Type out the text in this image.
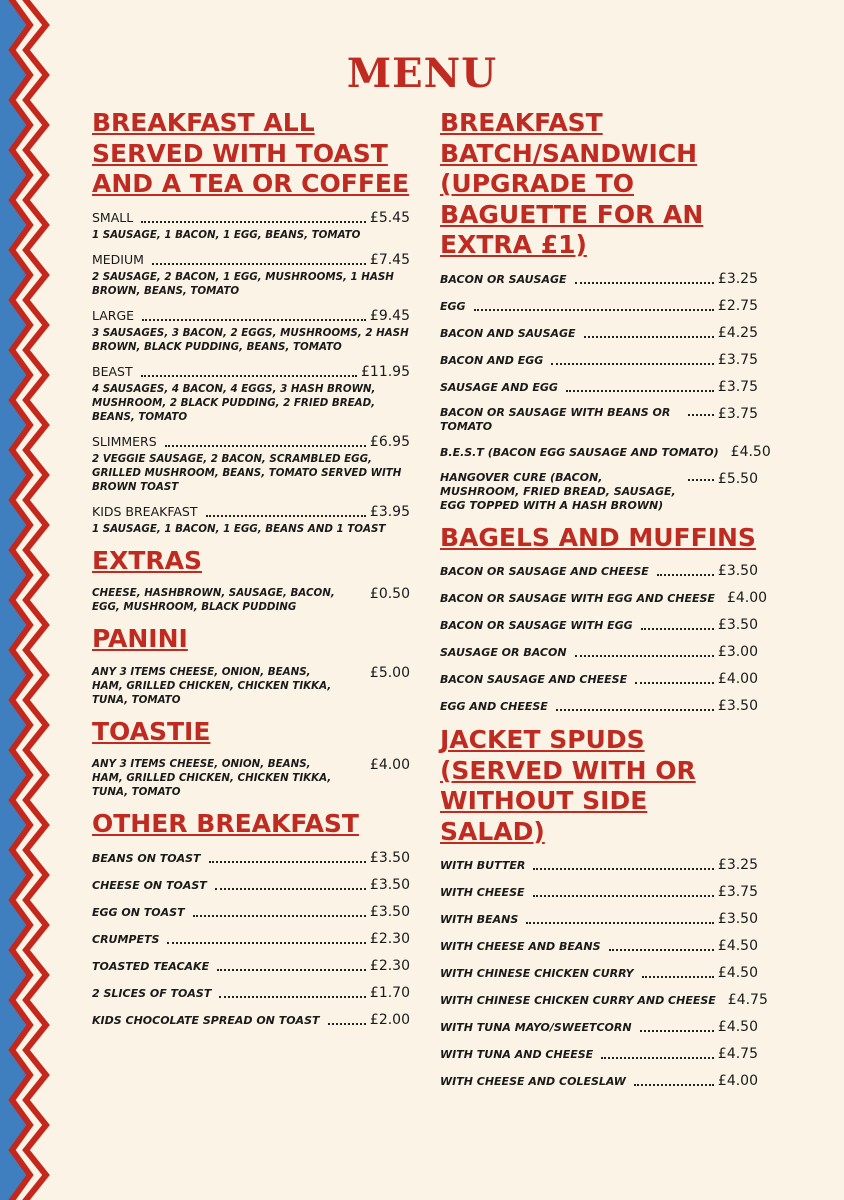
MENU
BREAKFAST ALL SERVED WITH TOAST AND A TEA OR COFFEE
SMALL	£5.45
1 SAUSAGE, 1 BACON, 1 EGG, BEANS, TOMATO
MEDIUM	£7.45
2 SAUSAGE, 2 BACON, 1 EGG, MUSHROOMS, 1 HASH BROWN, BEANS, TOMATO
LARGE	£9.45
3 SAUSAGES, 3 BACON, 2 EGGS, MUSHROOMS, 2 HASH BROWN, BLACK PUDDING, BEANS, TOMATO
BEAST	£11.95
4 SAUSAGES, 4 BACON, 4 EGGS, 3 HASH BROWN, MUSHROOM, 2 BLACK PUDDING, 2 FRIED BREAD, BEANS, TOMATO
SLIMMERS	£6.95
2 VEGGIE SAUSAGE, 2 BACON, SCRAMBLED EGG, GRILLED MUSHROOM, BEANS, TOMATO SERVED WITH BROWN TOAST
KIDS BREAKFAST	£3.95
1 SAUSAGE, 1 BACON, 1 EGG, BEANS AND 1 TOAST
EXTRAS
CHEESE, HASHBROWN, SAUSAGE, BACON, EGG, MUSHROOM, BLACK PUDDING
£0.50
PANINI
ANY 3 ITEMS CHEESE, ONION, BEANS, HAM, GRILLED CHICKEN, CHICKEN TIKKA, TUNA, TOMATO
£5.00
TOASTIE
ANY 3 ITEMS CHEESE, ONION, BEANS, HAM, GRILLED CHICKEN, CHICKEN TIKKA, TUNA, TOMATO
£4.00
OTHER BREAKFAST
BEANS ON TOAST	£3.50
CHEESE ON TOAST	£3.50
EGG ON TOAST	£3.50
CRUMPETS	£2.30
TOASTED TEACAKE	£2.30
2 SLICES OF TOAST	£1.70
KIDS CHOCOLATE SPREAD ON TOAST	£2.00
BREAKFAST BATCH/SANDWICH (UPGRADE TO BAGUETTE FOR AN EXTRA £1)
BACON OR SAUSAGE	£3.25
EGG	£2.75
BACON AND SAUSAGE	£4.25
BACON AND EGG	£3.75
SAUSAGE AND EGG	£3.75
BACON OR SAUSAGE WITH BEANS OR TOMATO
£3.75
B.E.S.T (BACON EGG SAUSAGE AND TOMATO) £4.50
HANGOVER CURE (BACON, MUSHROOM, FRIED BREAD, SAUSAGE, EGG TOPPED WITH A HASH BROWN)
£5.50
BAGELS AND MUFFINS
BACON OR SAUSAGE AND CHEESE	£3.50
BACON OR SAUSAGE WITH EGG AND CHEESE £4.00
BACON OR SAUSAGE WITH EGG	£3.50
SAUSAGE OR BACON	£3.00
BACON SAUSAGE AND CHEESE	£4.00
EGG AND CHEESE	£3.50
JACKET SPUDS (SERVED WITH OR WITHOUT SIDE SALAD)
WITH BUTTER	£3.25
WITH CHEESE	£3.75
WITH BEANS	£3.50
WITH CHEESE AND BEANS	£4.50
WITH CHINESE CHICKEN CURRY	£4.50
WITH CHINESE CHICKEN CURRY AND CHEESE £4.75
WITH TUNA MAYO/SWEETCORN	£4.50
WITH TUNA AND CHEESE	£4.75
WITH CHEESE AND COLESLAW	£4.00
